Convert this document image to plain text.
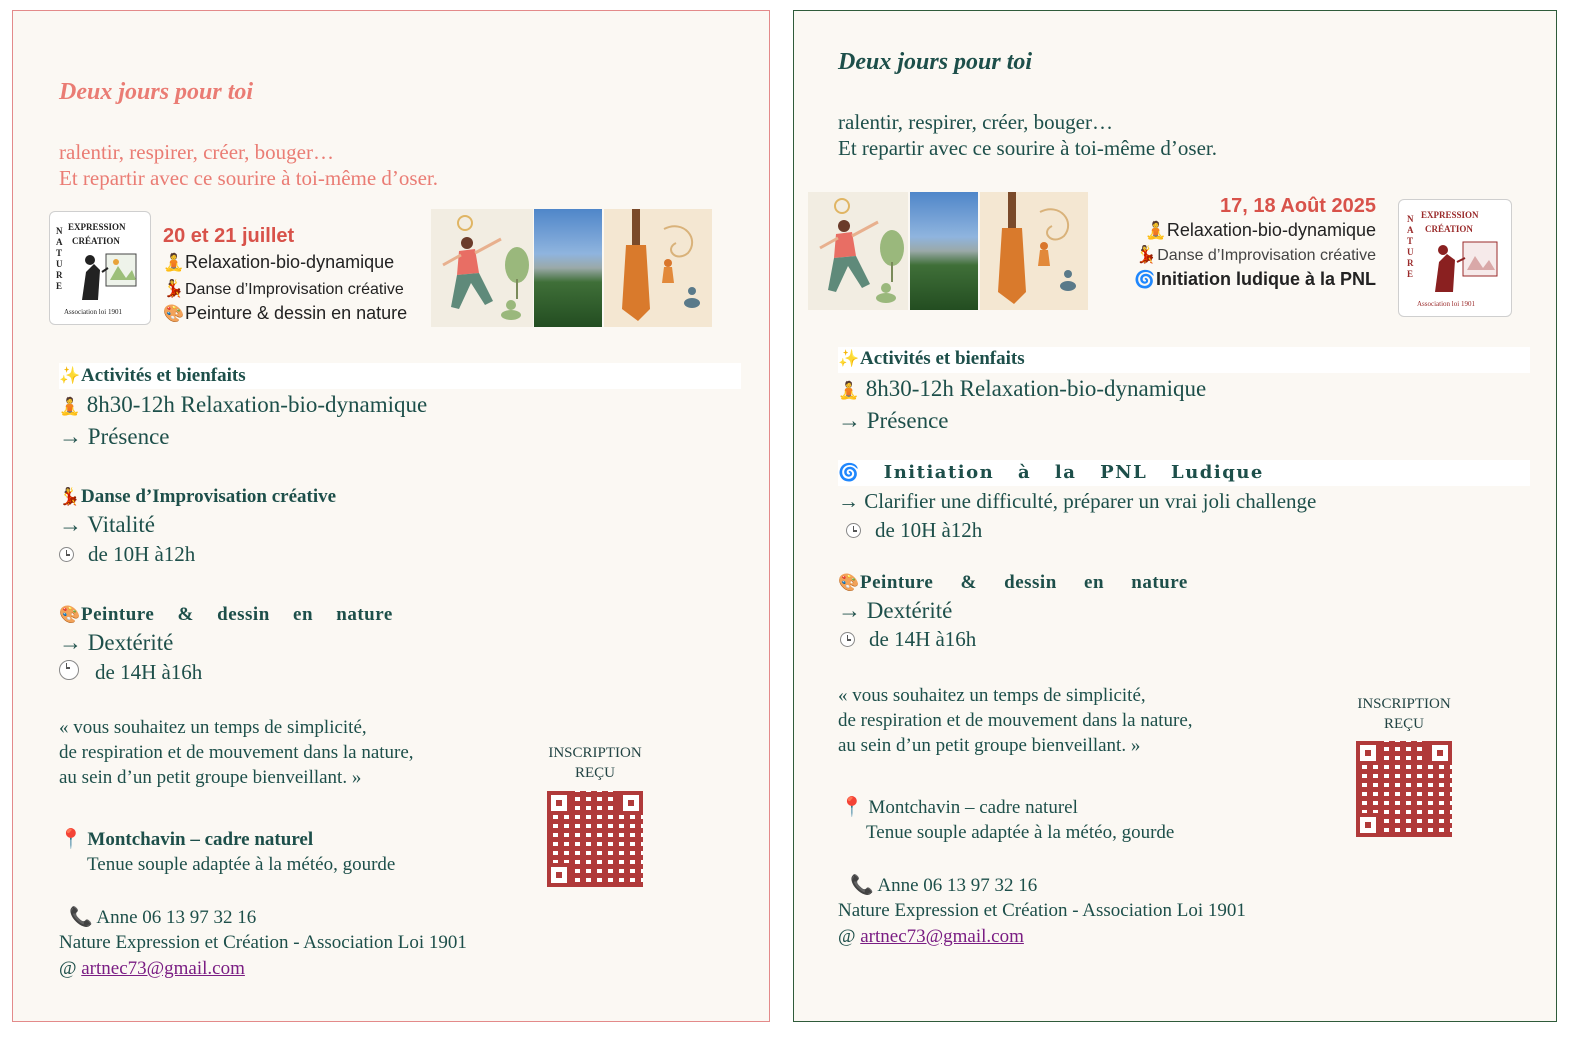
Deux jours pour toi

ralentir, respirer, créer, bouger…

Et repartir avec ce sourire à toi-même d’oser.

EXPRESSION
CRÉATION
NATURE
Association loi 1901
20 et 21 juillet
🧘Relaxation-bio-dynamique
💃Danse d’Improvisation créative
🎨Peinture & dessin en nature

✨Activités et bienfaits

🧘 8h30-12h Relaxation-bio-dynamique

→ Présence

💃Danse d’Improvisation créative

→ Vitalité

de 10H à12h

🎨Peinture & dessin en nature

→ Dextérité

de 14H à16h

« vous souhaitez un temps de simplicité,

de respiration et de mouvement dans la nature,

au sein d’un petit groupe bienveillant. »

📍 Montchavin – cadre naturel

Tenue souple adaptée à la météo, gourde

📞 Anne 06 13 97 32 16

Nature Expression et Création - Association Loi 1901

@ artnec73@gmail.com

INSCRIPTION
REÇU

Deux jours pour toi

ralentir, respirer, créer, bouger…

Et repartir avec ce sourire à toi-même d’oser.

17, 18 Août 2025
🧘Relaxation-bio-dynamique
💃Danse d’Improvisation créative
🌀Initiation ludique à la PNL
EXPRESSION
CRÉATION
NATURE
Association loi 1901

✨Activités et bienfaits

🧘 8h30-12h Relaxation-bio-dynamique

→ Présence

🌀 Initiation à la PNL Ludique

→ Clarifier une difficulté, préparer un vrai joli challenge

de 10H à12h

🎨Peinture & dessin en nature

→ Dextérité

de 14H à16h

« vous souhaitez un temps de simplicité,

de respiration et de mouvement dans la nature,

au sein d’un petit groupe bienveillant. »

📍 Montchavin – cadre naturel

Tenue souple adaptée à la météo, gourde

📞 Anne 06 13 97 32 16

Nature Expression et Création - Association Loi 1901

@ artnec73@gmail.com

INSCRIPTION
REÇU
